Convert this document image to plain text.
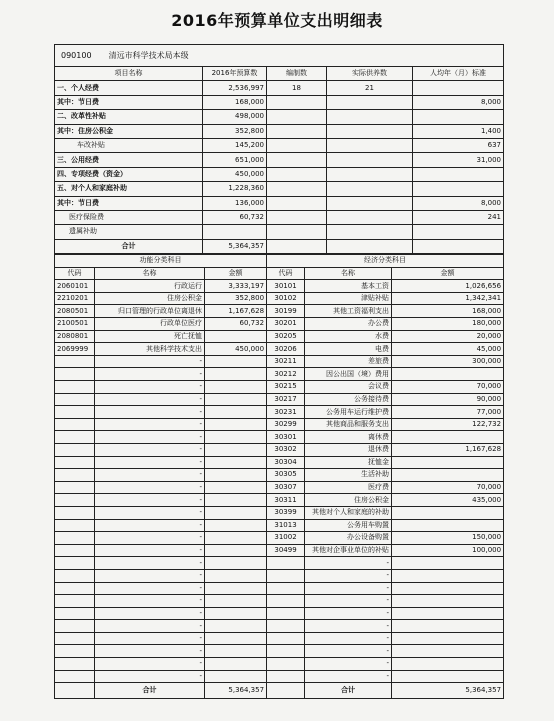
2016年预算单位支出明细表
090100 清远市科学技术局本级				
项目名称	2016年预算数	编制数	实际供养数	人均年（月）标准
一、个人经费	2,536,997	18	21	
其中：节日费	168,000			8,000
二、改革性补贴	498,000			
其中：住房公积金	352,800			1,400
车改补贴	145,200			637
三、公用经费	651,000			31,000
四、专项经费（资金）	450,000			
五、对个人和家庭补助	1,228,360			
其中：节日费	136,000			8,000
医疗保险费	60,732			241
遗属补助				
合计	5,364,357			
功能分类科目			经济分类科目		
代码	名称	金额	代码	名称	金额
2060101	行政运行	3,333,197	30101	基本工资	1,026,656
2210201	住房公积金	352,800	30102	津贴补贴	1,342,341
2080501	归口管理的行政单位离退休	1,167,628	30199	其他工资福利支出	168,000
2100501	行政单位医疗	60,732	30201	办公费	180,000
2080801	死亡抚恤		30205	水费	20,000
2069999	其他科学技术支出	450,000	30206	电费	45,000
	-		30211	差旅费	300,000
	-		30212	因公出国（境）费用	
	-		30215	会议费	70,000
	-		30217	公务接待费	90,000
	-		30231	公务用车运行维护费	77,000
	-		30299	其他商品和服务支出	122,732
	-		30301	离休费	
	-		30302	退休费	1,167,628
	-		30304	抚恤金	
	-		30305	生活补助	
	-		30307	医疗费	70,000
	-		30311	住房公积金	435,000
	-		30399	其他对个人和家庭的补助	
	-		31013	公务用车购置	
	-		31002	办公设备购置	150,000
	-		30499	其他对企事业单位的补贴	100,000
	-			-	
	-			-	
	-			-	
	-			-	
	-			-	
	-			-	
	-			-	
	-			-	
	-			-	
	-			-	
	合计	5,364,357		合计	5,364,357
